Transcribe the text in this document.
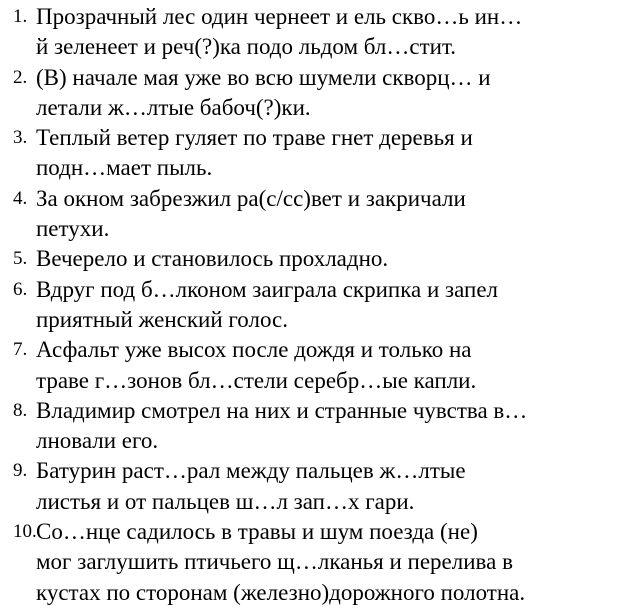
1. Прозрачный лес один чернеет и ель скво…ь ин…
й зеленеет и реч(?)ка подо льдом бл…стит.
2. (В) начале мая уже во всю шумели скворц… и
летали ж…лтые бабоч(?)ки.
3. Теплый ветер гуляет по траве гнет деревья и
подн…мает пыль.
4. За окном забрезжил ра(с/сс)вет и закричали
петухи.
5. Вечерело и становилось прохладно.
6. Вдруг под б…лконом заиграла скрипка и запел
приятный женский голос.
7. Асфальт уже высох после дождя и только на
траве г…зонов бл…стели серебр…ые капли.
8. Владимир смотрел на них и странные чувства в…
лновали его.
9. Батурин раст…рал между пальцев ж…лтые
листья и от пальцев ш…л зап…х гари.
10. Со…нце садилось в травы и шум поезда (не)
мог заглушить птичьего щ…лканья и перелива в
кустах по сторонам (железно)дорожного полотна.
